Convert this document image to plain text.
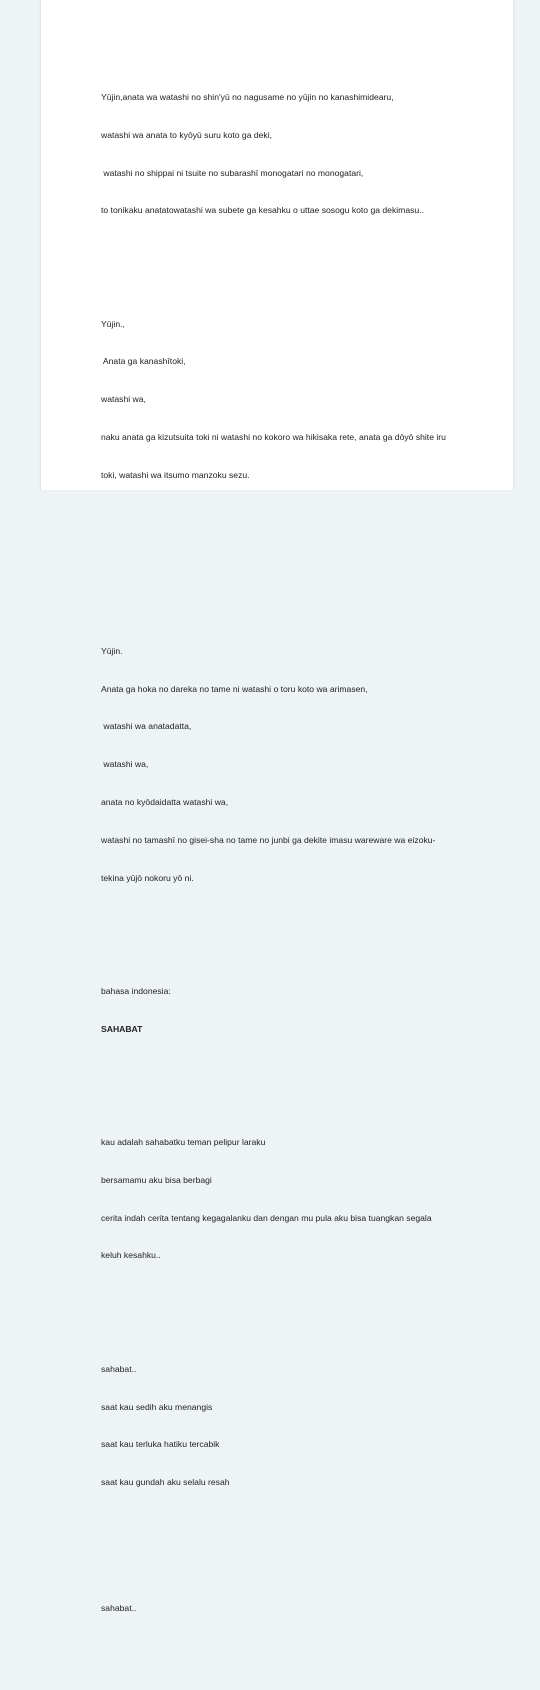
Yūjin,anata wa watashi no shin'yū no nagusame no yūjin no kanashimidearu,

watashi wa anata to kyōyū suru koto ga deki,

watashi no shippai ni tsuite no subarashī monogatari no monogatari,

to tonikaku anatatowatashi wa subete ga kesahku o uttae sosogu koto ga dekimasu..

Yūjin.,

Anata ga kanashītoki,

watashi wa,

naku anata ga kizutsuita toki ni watashi no kokoro wa hikisaka rete, anata ga dōyō shite iru

toki, watashi wa itsumo manzoku sezu.

Yūjin.

Anata ga hoka no dareka no tame ni watashi o toru koto wa arimasen,

watashi wa anatadatta,

watashi wa,

anata no kyōdaidatta watashi wa,

watashi no tamashī no gisei-sha no tame no junbi ga dekite imasu wareware wa eizoku-

tekina yūjō nokoru yō ni.

bahasa indonesia:

SAHABAT

kau adalah sahabatku teman pelipur laraku

bersamamu aku bisa berbagi

cerita indah cerita tentang kegagalanku dan dengan mu pula aku bisa tuangkan segala

keluh kesahku..

sahabat..

saat kau sedih aku menangis

saat kau terluka hatiku tercabik

saat kau gundah aku selalu resah

sahabat..
